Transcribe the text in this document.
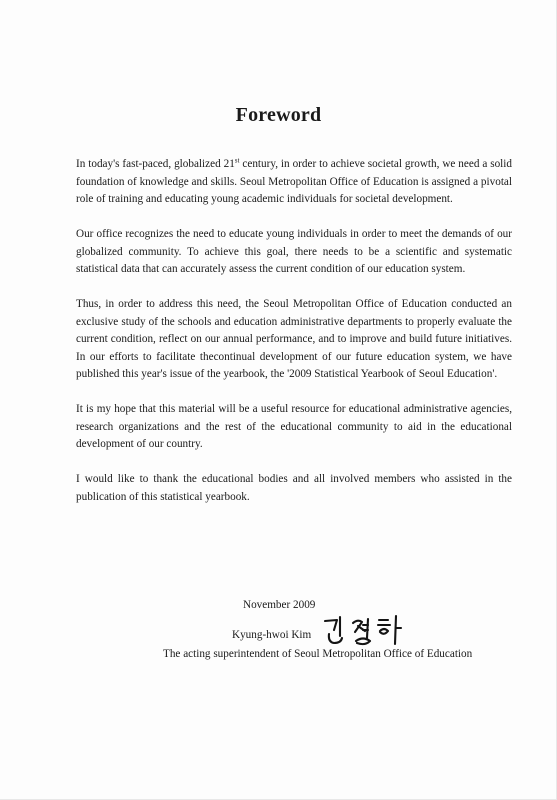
Foreword

In today's fast-paced, globalized 21st century, in order to achieve societal growth, we need a solid foundation of knowledge and skills. Seoul Metropolitan Office of Education is assigned a pivotal role of training and educating young academic individuals for societal development.

Our office recognizes the need to educate young individuals in order to meet the demands of our globalized community. To achieve this goal, there needs to be a scientific and systematic statistical data that can accurately assess the current condition of our education system.

Thus, in order to address this need, the Seoul Metropolitan Office of Education conducted an exclusive study of the schools and education administrative departments to properly evaluate the current condition, reflect on our annual performance, and to improve and build future initiatives. In our efforts to facilitate thecontinual development of our future education system, we have published this year's issue of the yearbook, the '2009 Statistical Yearbook of Seoul Education'.

It is my hope that this material will be a useful resource for educational administrative agencies, research organizations and the rest of the educational community to aid in the educational development of our country.

I would like to thank the educational bodies and all involved members who assisted in the publication of this statistical yearbook.

November 2009
Kyung-hwoi Kim
The acting superintendent of Seoul Metropolitan Office of Education
